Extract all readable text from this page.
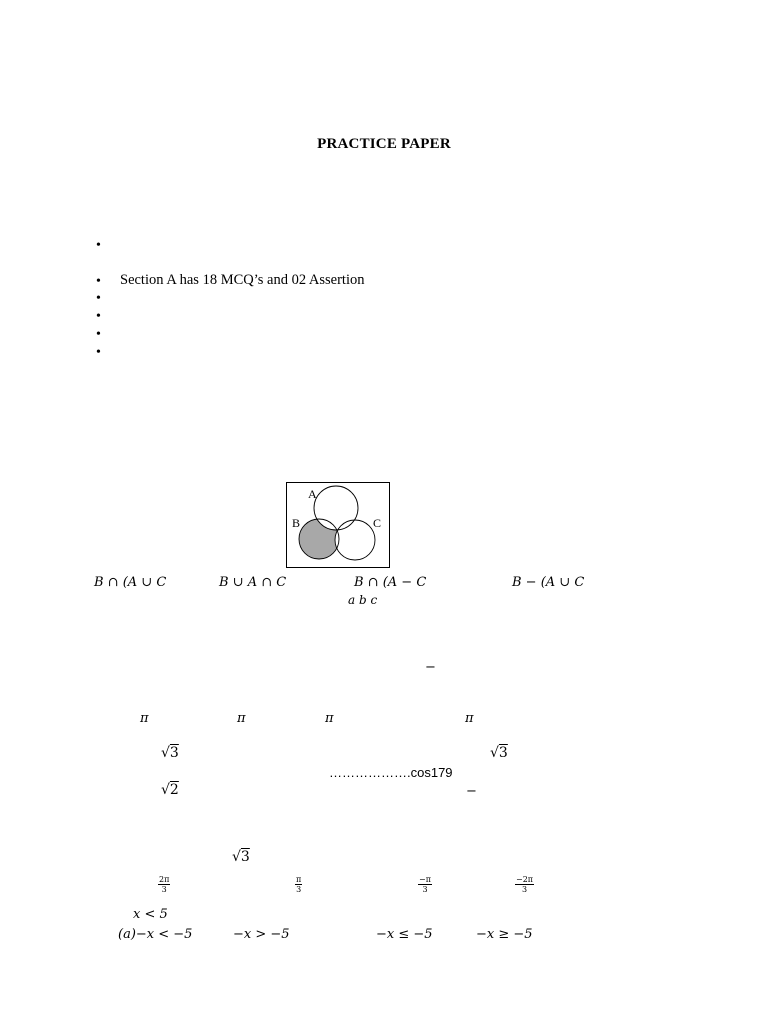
PRACTICE PAPER
•
• Section A has 18 MCQ’s and 02 Assertion
•
•
•
•
A
B	C
B ∩ (A ∪ C	B ∪ A ∩ C	B ∩ (A − C	B − (A ∪ C
a b c
−
π	π	π	π
√3	√3
……………….cos179
√2	−
√3
$\frac{2\pi}{3}$	$\frac{\pi}{3}$	$\frac{-\pi}{3}$	$\frac{-2\pi}{3}$
x < 5
(a)−x < −5	−x > −5	−x ≤ −5	−x ≥ −5
